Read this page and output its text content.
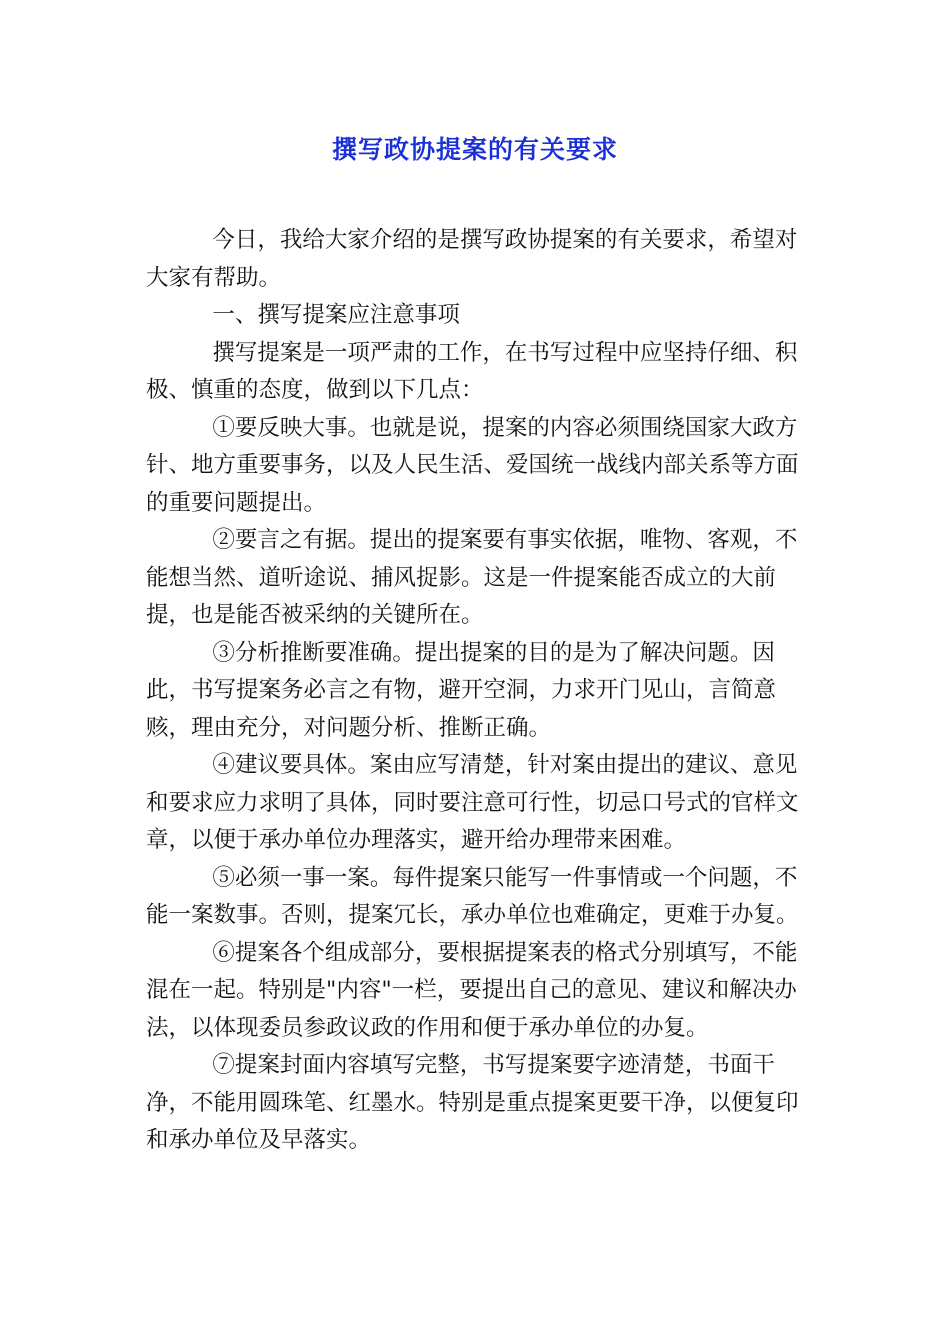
撰写政协提案的有关要求

今日，我给大家介绍的是撰写政协提案的有关要求，希望对大家有帮助。

一、撰写提案应注意事项

撰写提案是一项严肃的工作，在书写过程中应坚持仔细、积极、慎重的态度，做到以下几点：

①要反映大事。也就是说，提案的内容必须围绕国家大政方针、地方重要事务，以及人民生活、爱国统一战线内部关系等方面的重要问题提出。

②要言之有据。提出的提案要有事实依据，唯物、客观，不能想当然、道听途说、捕风捉影。这是一件提案能否成立的大前提，也是能否被采纳的关键所在。

③分析推断要准确。提出提案的目的是为了解决问题。因此，书写提案务必言之有物，避开空洞，力求开门见山，言简意赅，理由充分，对问题分析、推断正确。

④建议要具体。案由应写清楚，针对案由提出的建议、意见和要求应力求明了具体，同时要注意可行性，切忌口号式的官样文章，以便于承办单位办理落实，避开给办理带来困难。

⑤必须一事一案。每件提案只能写一件事情或一个问题，不能一案数事。否则，提案冗长，承办单位也难确定，更难于办复。

⑥提案各个组成部分，要根据提案表的格式分别填写，不能混在一起。特别是"内容"一栏，要提出自己的意见、建议和解决办法，以体现委员参政议政的作用和便于承办单位的办复。

⑦提案封面内容填写完整，书写提案要字迹清楚，书面干净，不能用圆珠笔、红墨水。特别是重点提案更要干净，以便复印和承办单位及早落实。
